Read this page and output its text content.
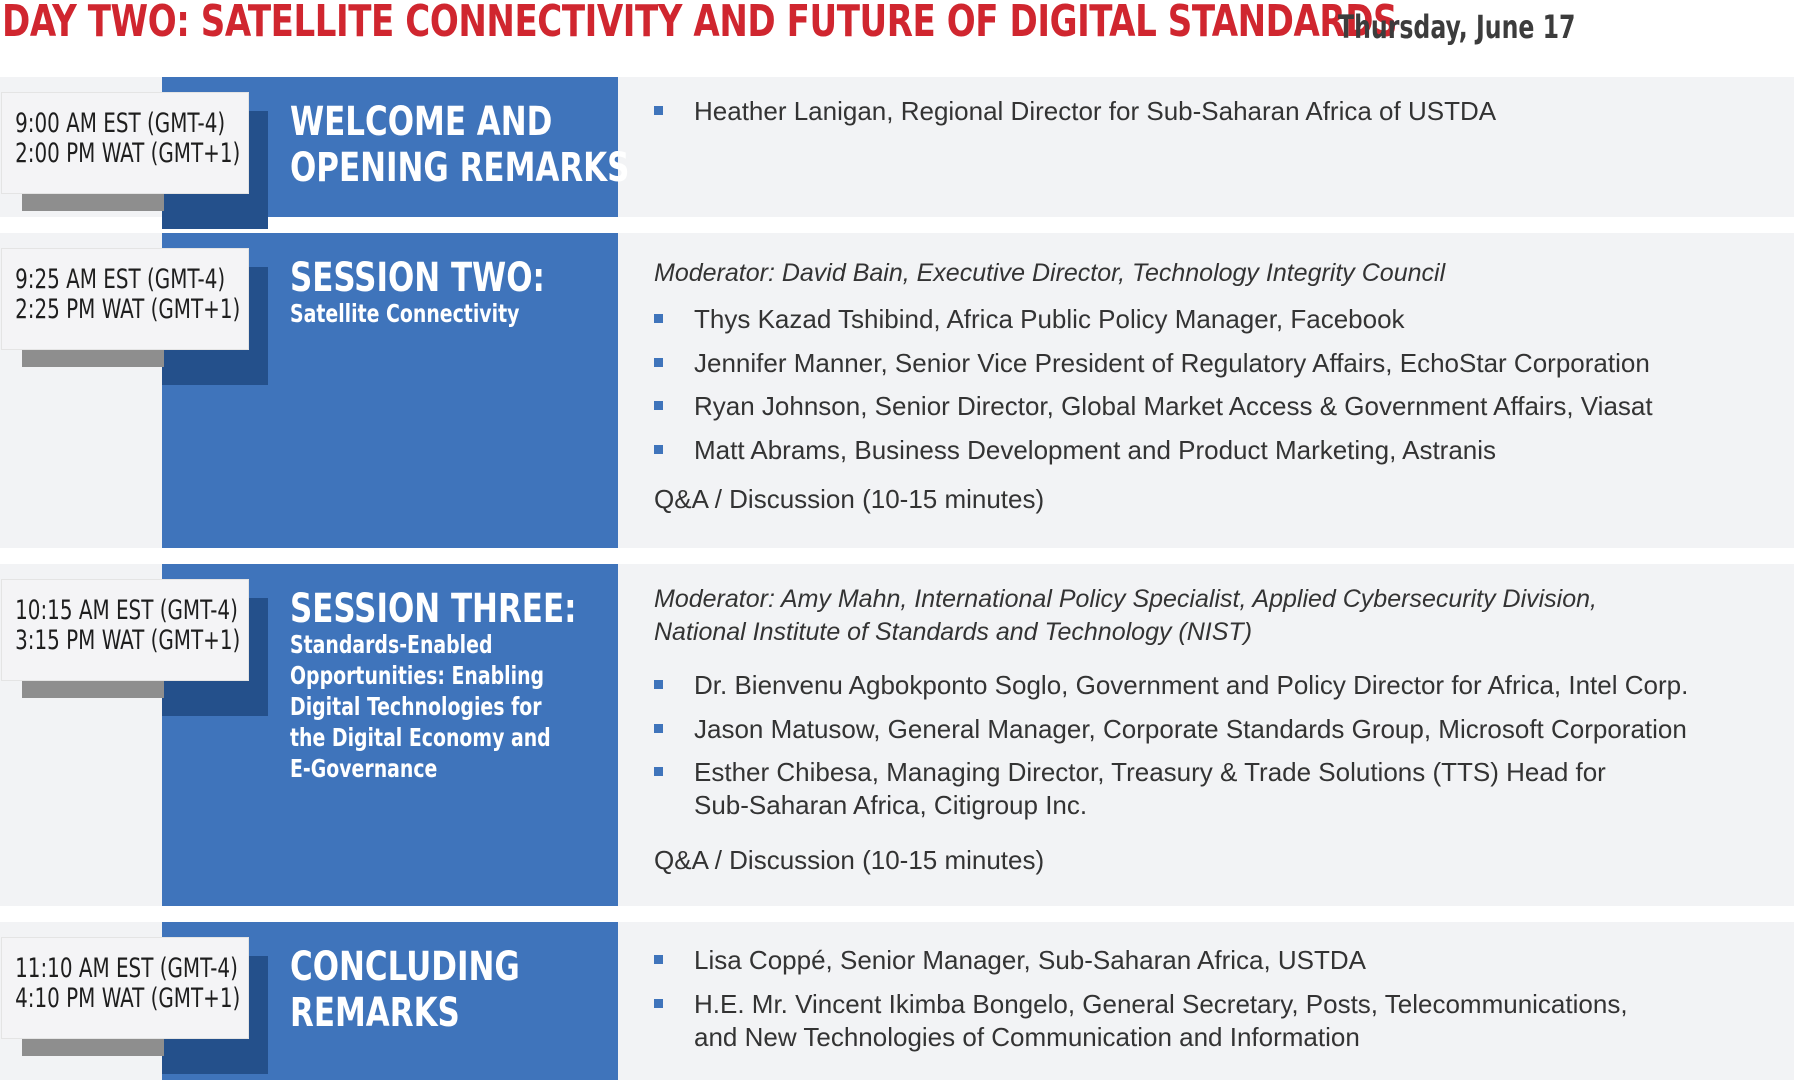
DAY TWO: SATELLITE CONNECTIVITY AND FUTURE OF DIGITAL STANDARDS
Thursday, June 17
9:00 AM EST (GMT-4)
2:00 PM WAT (GMT+1)
WELCOME AND
OPENING REMARKS
Heather Lanigan, Regional Director for Sub-Saharan Africa of USTDA
9:25 AM EST (GMT-4)
2:25 PM WAT (GMT+1)
SESSION TWO:
Satellite Connectivity
Moderator: David Bain, Executive Director, Technology Integrity Council
Thys Kazad Tshibind, Africa Public Policy Manager, Facebook
Jennifer Manner, Senior Vice President of Regulatory Affairs, EchoStar Corporation
Ryan Johnson, Senior Director, Global Market Access & Government Affairs, Viasat
Matt Abrams, Business Development and Product Marketing, Astranis
Q&A / Discussion (10-15 minutes)
10:15 AM EST (GMT-4)
3:15 PM WAT (GMT+1)
SESSION THREE:
Standards-Enabled
Opportunities: Enabling
Digital Technologies for
the Digital Economy and
E-Governance
Moderator: Amy Mahn, International Policy Specialist, Applied Cybersecurity Division,
National Institute of Standards and Technology (NIST)
Dr. Bienvenu Agbokponto Soglo, Government and Policy Director for Africa, Intel Corp.
Jason Matusow, General Manager, Corporate Standards Group, Microsoft Corporation
Esther Chibesa, Managing Director, Treasury & Trade Solutions (TTS) Head for
Sub-Saharan Africa, Citigroup Inc.
Q&A / Discussion (10-15 minutes)
11:10 AM EST (GMT-4)
4:10 PM WAT (GMT+1)
CONCLUDING
REMARKS
Lisa Coppé, Senior Manager, Sub-Saharan Africa, USTDA
H.E. Mr. Vincent Ikimba Bongelo, General Secretary, Posts, Telecommunications,
and New Technologies of Communication and Information
